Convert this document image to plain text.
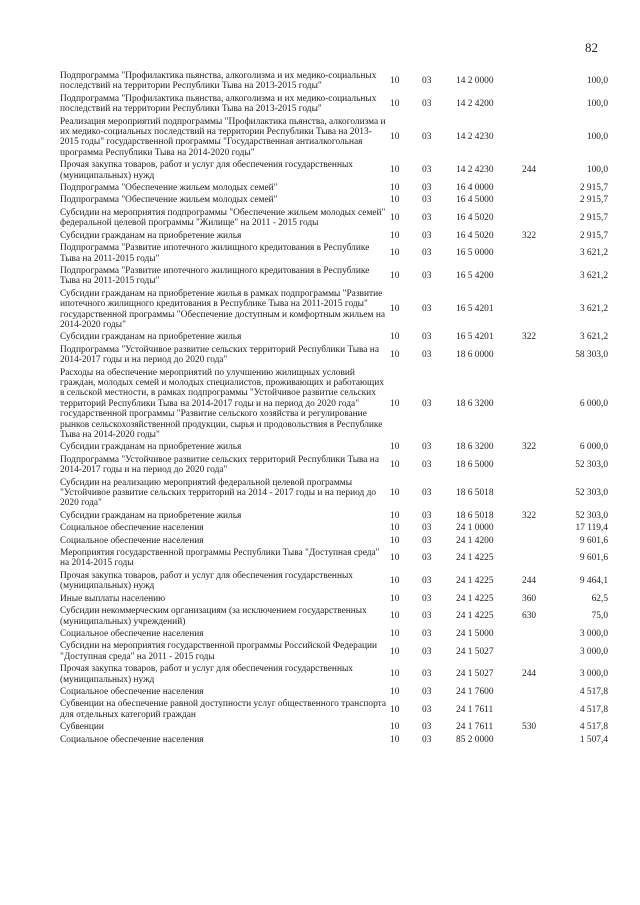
82
Подпрограмма "Профилактика пьянства, алкоголизма и их медико-социальных последствий на территории Республики Тыва на 2013-2015 годы"	10	03	14 2 0000		100,0
Подпрограмма "Профилактика пьянства, алкоголизма и их медико-социальных последствий на территории Республики Тыва на 2013-2015 годы"	10	03	14 2 4200		100,0
Реализация мероприятий подпрограммы "Профилактика пьянства, алкоголизма и их медико-социальных последствий на территории Республики Тыва на 2013-2015 годы" государственной программы "Государственная антиалкогольная программа Республики Тыва на 2014-2020 годы"	10	03	14 2 4230		100,0
Прочая закупка товаров, работ и услуг для обеспечения государственных (муниципальных) нужд	10	03	14 2 4230	244	100,0
Подпрограмма "Обеспечение жильем молодых семей"	10	03	16 4 0000		2 915,7
Подпрограмма "Обеспечение жильем молодых семей"	10	03	16 4 5000		2 915,7
Субсидии на мероприятия подпрограммы "Обеспечение жильем молодых семей" федеральной целевой программы "Жилище" на 2011 - 2015 годы	10	03	16 4 5020		2 915,7
Субсидии гражданам на приобретение жилья	10	03	16 4 5020	322	2 915,7
Подпрограмма "Развитие ипотечного жилищного кредитования в Республике Тыва на 2011-2015 годы"	10	03	16 5 0000		3 621,2
Подпрограмма "Развитие ипотечного жилищного кредитования в Республике Тыва на 2011-2015 годы"	10	03	16 5 4200		3 621,2
Субсидии гражданам на приобретение жилья в рамках подпрограммы "Развитие ипотечного жилищного кредитования в Республике Тыва на 2011-2015 годы" государственной программы "Обеспечение доступным и комфортным жильем на 2014-2020 годы"	10	03	16 5 4201		3 621,2
Субсидии гражданам на приобретение жилья	10	03	16 5 4201	322	3 621,2
Подпрограмма "Устойчивое развитие сельских территорий Республики Тыва на 2014-2017 годы и на период до 2020 года"	10	03	18 6 0000		58 303,0
Расходы на обеспечение мероприятий по улучшению жилищных условий граждан, молодых семей и молодых специалистов, проживающих и работающих в сельской местности, в рамках подпрограммы "Устойчивое развитие сельских территорий Республики Тыва на 2014-2017 годы и на период до 2020 года" государственной программы "Развитие сельского хозяйства и регулирование рынков сельскохозяйственной продукции, сырья и продовольствия в Республике Тыва на 2014-2020 годы"	10	03	18 6 3200		6 000,0
Субсидии гражданам на приобретение жилья	10	03	18 6 3200	322	6 000,0
Подпрограмма "Устойчивое развитие сельских территорий Республики Тыва на 2014-2017 годы и на период до 2020 года"	10	03	18 6 5000		52 303,0
Субсидии на реализацию мероприятий федеральной целевой программы "Устойчивое развитие сельских территорий на 2014 - 2017 годы и на период до 2020 года"	10	03	18 6 5018		52 303,0
Субсидии гражданам на приобретение жилья	10	03	18 6 5018	322	52 303,0
Социальное обеспечение населения	10	03	24 1 0000		17 119,4
Социальное обеспечение населения	10	03	24 1 4200		9 601,6
Мероприятия государственной программы Республики Тыва "Доступная среда" на 2014-2015 годы	10	03	24 1 4225		9 601,6
Прочая закупка товаров, работ и услуг для обеспечения государственных (муниципальных) нужд	10	03	24 1 4225	244	9 464,1
Иные выплаты населению	10	03	24 1 4225	360	62,5
Субсидии некоммерческим организациям (за исключением государственных (муниципальных) учреждений)	10	03	24 1 4225	630	75,0
Социальное обеспечение населения	10	03	24 1 5000		3 000,0
Субсидии на мероприятия государственной программы Российской Федерации "Доступная среда" на 2011 - 2015 годы	10	03	24 1 5027		3 000,0
Прочая закупка товаров, работ и услуг для обеспечения государственных (муниципальных) нужд	10	03	24 1 5027	244	3 000,0
Социальное обеспечение населения	10	03	24 1 7600		4 517,8
Субвенции на обеспечение равной доступности услуг общественного транспорта для отдельных категорий граждан	10	03	24 1 7611		4 517,8
Субвенции	10	03	24 1 7611	530	4 517,8
Социальное обеспечение населения	10	03	85 2 0000		1 507,4
